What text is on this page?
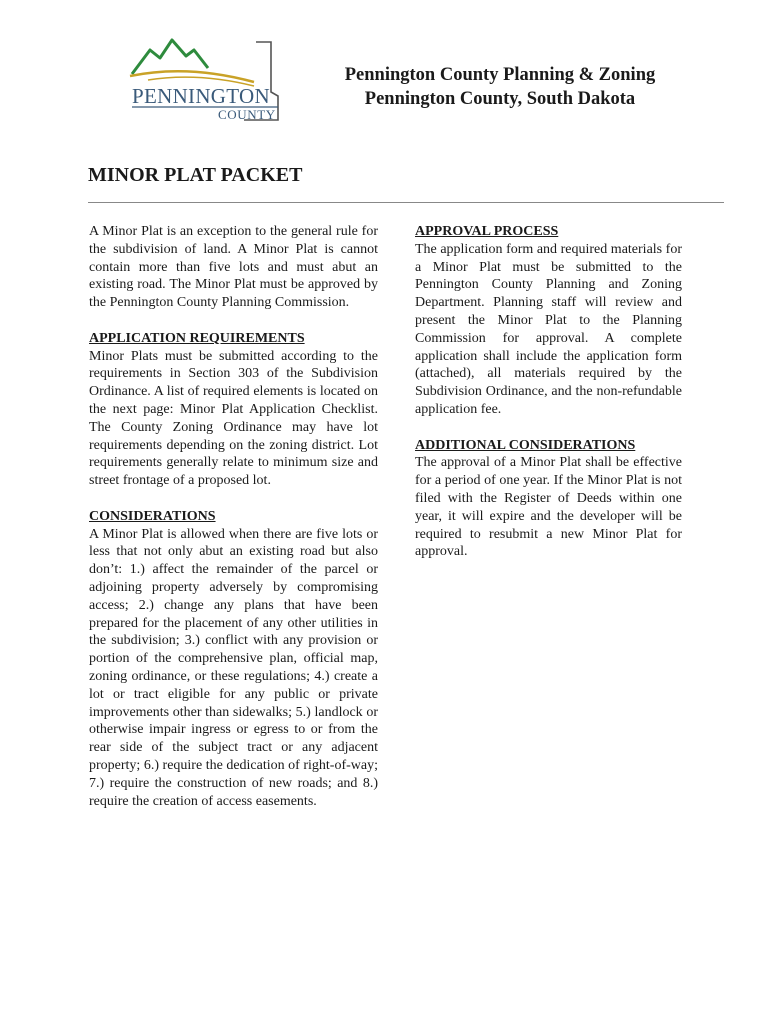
PENNINGTON
COUNTY
Pennington County Planning & Zoning
Pennington County, South Dakota
MINOR PLAT PACKET

A Minor Plat is an exception to the general rule for the subdivision of land. A Minor Plat is cannot contain more than five lots and must abut an existing road. The Minor Plat must be approved by the Pennington County Planning Commission.

APPLICATION REQUIREMENTS

Minor Plats must be submitted according to the requirements in Section 303 of the Subdivision Ordinance. A list of required elements is located on the next page: Minor Plat Application Checklist. The County Zoning Ordinance may have lot requirements depending on the zoning district. Lot requirements generally relate to minimum size and street frontage of a proposed lot.

CONSIDERATIONS

A Minor Plat is allowed when there are five lots or less that not only abut an existing road but also don’t: 1.) affect the remainder of the parcel or adjoining property adversely by compromising access; 2.) change any plans that have been prepared for the placement of any other utilities in the subdivision; 3.) conflict with any provision or portion of the comprehensive plan, official map, zoning ordinance, or these regulations; 4.) create a lot or tract eligible for any public or private improvements other than sidewalks; 5.) landlock or otherwise impair ingress or egress to or from the rear side of the subject tract or any adjacent property; 6.) require the dedication of right-of-way; 7.) require the construction of new roads; and 8.) require the creation of access easements.

APPROVAL PROCESS

The application form and required materials for a Minor Plat must be submitted to the Pennington County Planning and Zoning Department. Planning staff will review and present the Minor Plat to the Planning Commission for approval. A complete application shall include the application form (attached), all materials required by the Subdivision Ordinance, and the non-refundable application fee.

ADDITIONAL CONSIDERATIONS

The approval of a Minor Plat shall be effective for a period of one year. If the Minor Plat is not filed with the Register of Deeds within one year, it will expire and the developer will be required to resubmit a new Minor Plat for approval.
